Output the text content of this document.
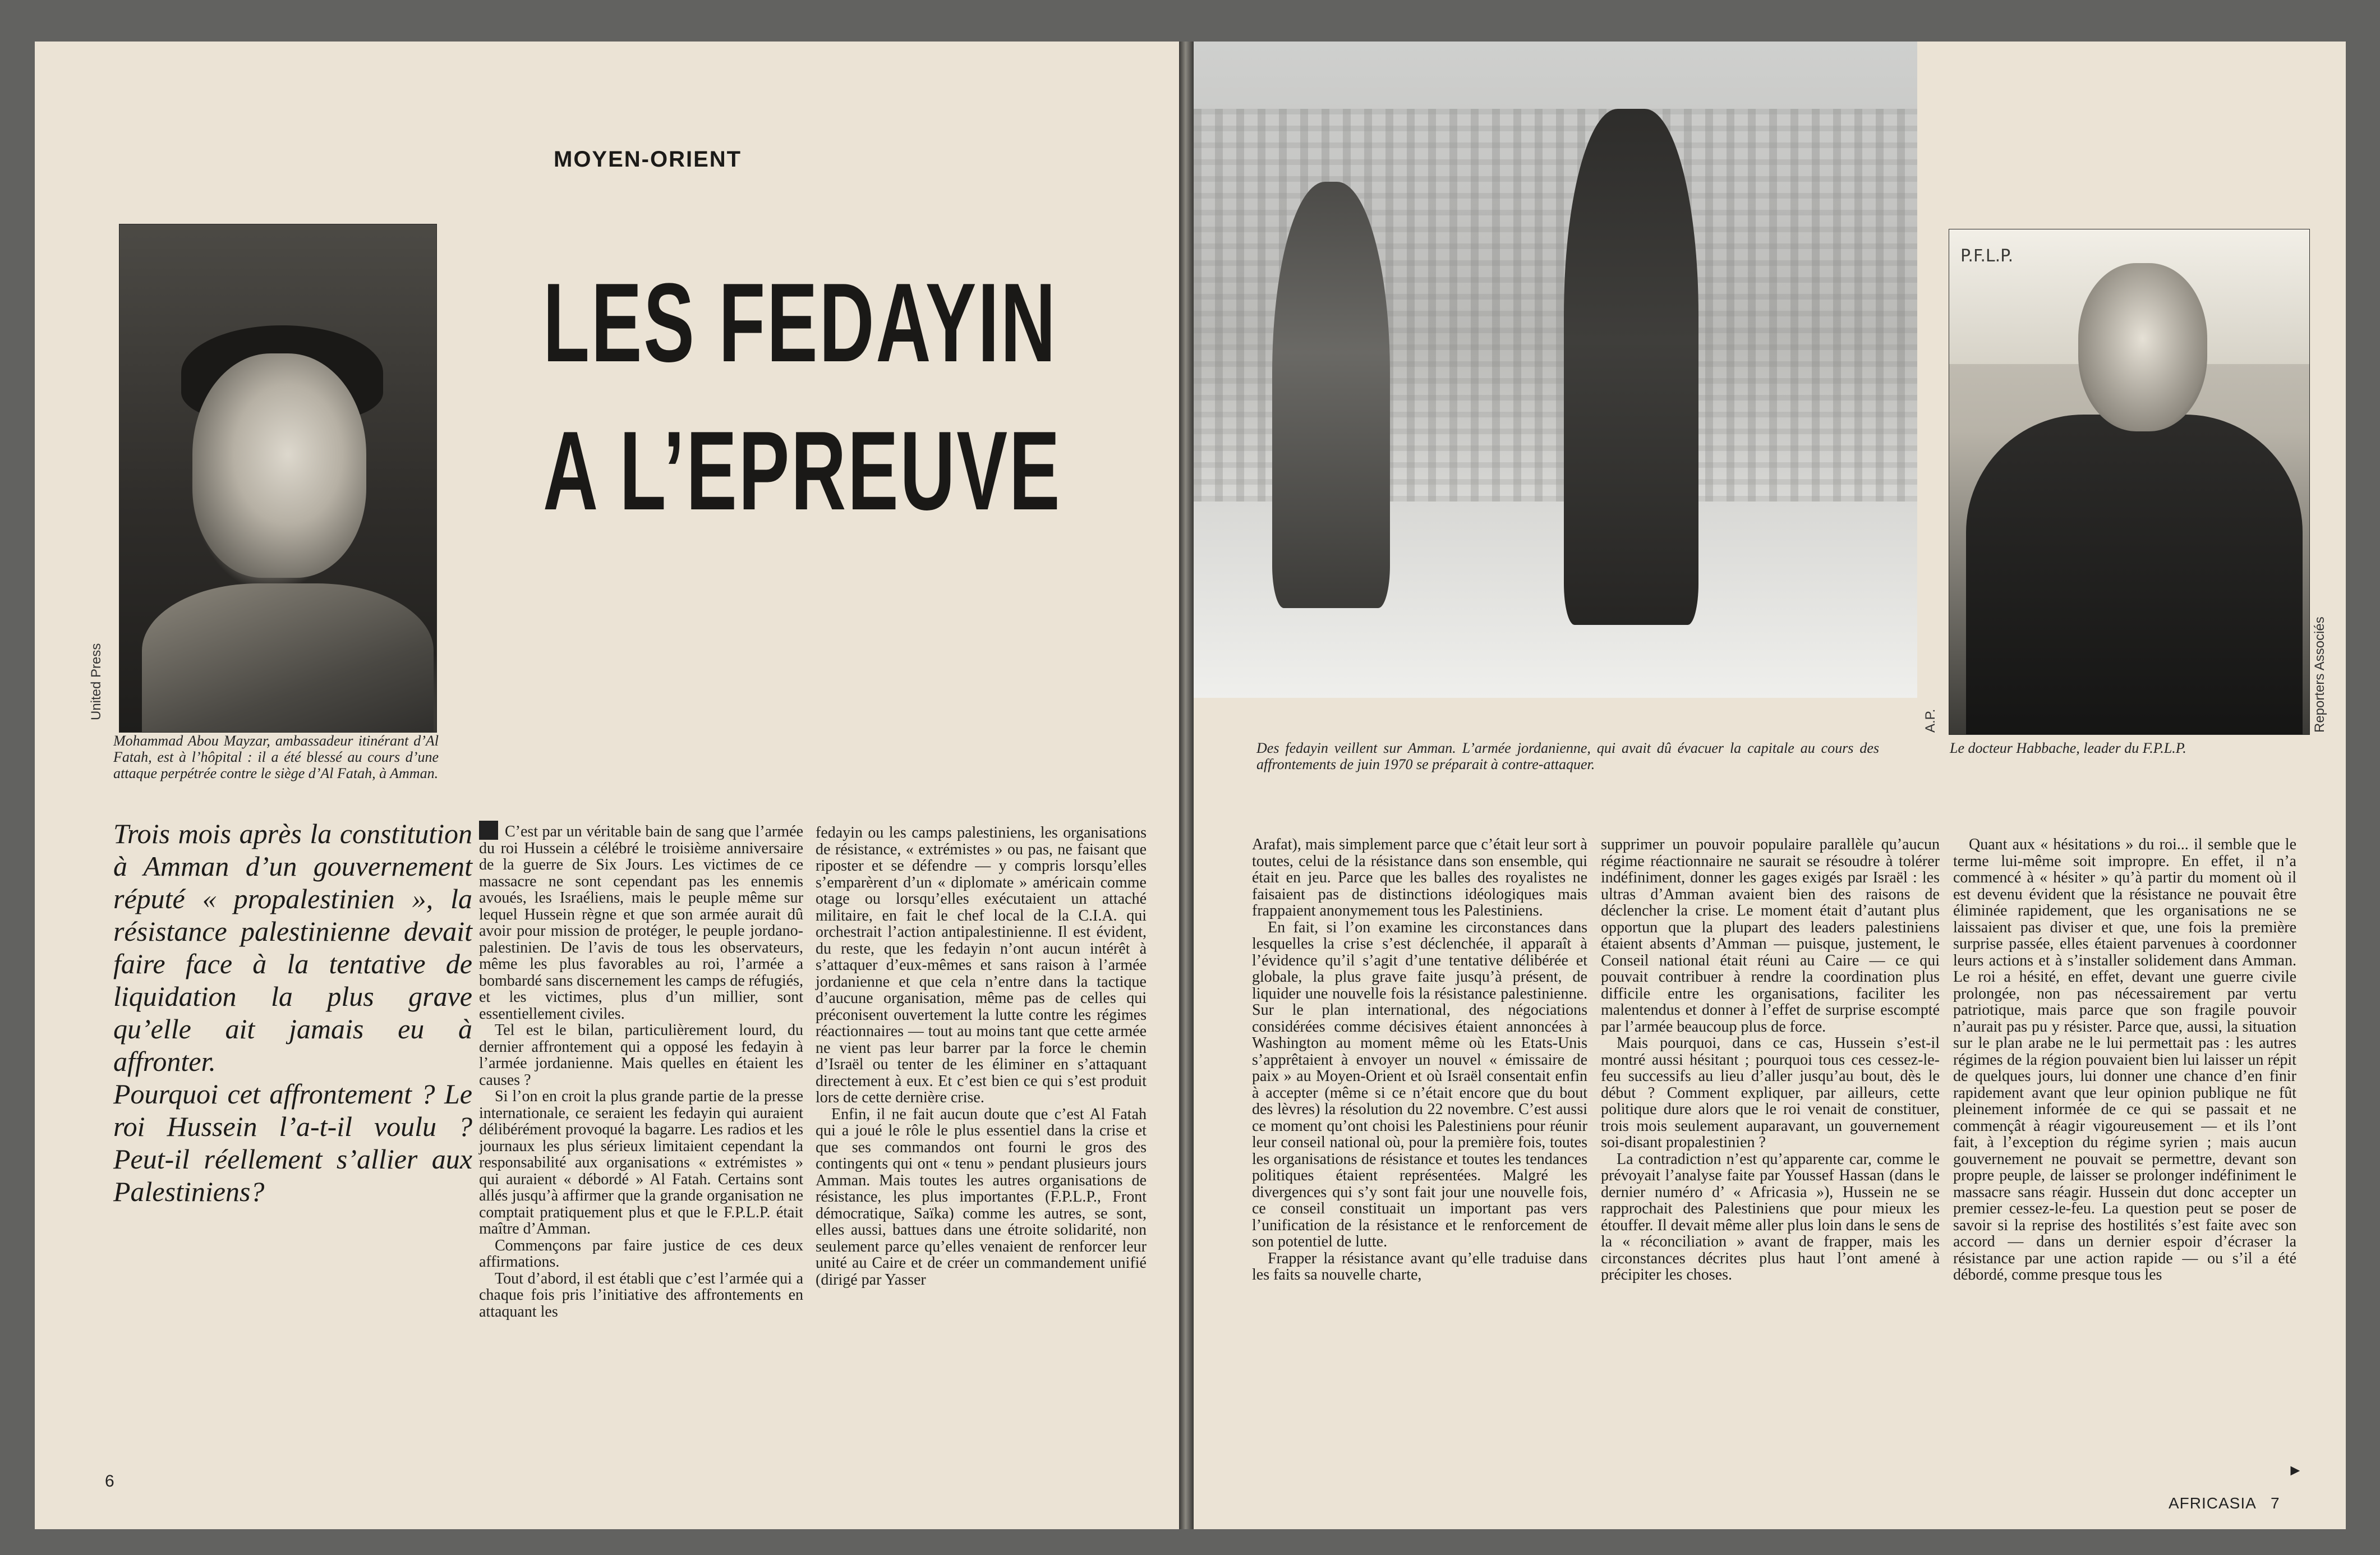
United Press
Mohammad Abou Mayzar, ambassadeur itinérant d’Al Fatah, est à l’hôpital : il a été blessé au cours d’une attaque perpétrée contre le siège d’Al Fatah, à Amman.
MOYEN-ORIENT
LES FEDAYIN
A L’EPREUVE

Trois mois après la constitution à Amman d’un gouvernement réputé « propalestinien », la résistance palestinienne devait faire face à la tentative de liquidation la plus grave qu’elle ait jamais eu à affronter.

Pourquoi cet affrontement ? Le roi Hussein l’a-t-il voulu ? Peut-il réellement s’allier aux Palestiniens?

C’est par un véritable bain de sang que l’armée du roi Hussein a célébré le troisième anniversaire de la guerre de Six Jours. Les victimes de ce massacre ne sont cependant pas les ennemis avoués, les Israéliens, mais le peuple même sur lequel Hussein règne et que son armée aurait dû avoir pour mission de protéger, le peuple jordano-palestinien. De l’avis de tous les observateurs, même les plus favorables au roi, l’armée a bombardé sans discernement les camps de réfugiés, et les victimes, plus d’un millier, sont essentiellement civiles.

Tel est le bilan, particulièrement lourd, du dernier affrontement qui a opposé les fedayin à l’armée jordanienne. Mais quelles en étaient les causes ?

Si l’on en croit la plus grande partie de la presse internationale, ce seraient les fedayin qui auraient délibérément provoqué la bagarre. Les radios et les journaux les plus sérieux limitaient cependant la responsabilité aux organisations « extrémistes » qui auraient « débordé » Al Fatah. Certains sont allés jusqu’à affirmer que la grande organisation ne comptait pratiquement plus et que le F.P.L.P. était maître d’Amman.

Commençons par faire justice de ces deux affirmations.

Tout d’abord, il est établi que c’est l’armée qui a chaque fois pris l’initiative des affrontements en attaquant les

fedayin ou les camps palestiniens, les organisations de résistance, « extrémistes » ou pas, ne faisant que riposter et se défendre — y compris lorsqu’elles s’emparèrent d’un « diplomate » américain comme otage ou lorsqu’elles exécutaient un attaché militaire, en fait le chef local de la C.I.A. qui orchestrait l’action antipalestinienne. Il est évident, du reste, que les fedayin n’ont aucun intérêt à s’attaquer d’eux-mêmes et sans raison à l’armée jordanienne et que cela n’entre dans la tactique d’aucune organisation, même pas de celles qui préconisent ouvertement la lutte contre les régimes réactionnaires — tout au moins tant que cette armée ne vient pas leur barrer par la force le chemin d’Israël ou tenter de les éliminer en s’attaquant directement à eux. Et c’est bien ce qui s’est produit lors de cette dernière crise.

Enfin, il ne fait aucun doute que c’est Al Fatah qui a joué le rôle le plus essentiel dans la crise et que ses commandos ont fourni le gros des contingents qui ont « tenu » pendant plusieurs jours Amman. Mais toutes les autres organisations de résistance, les plus importantes (F.P.L.P., Front démocratique, Saïka) comme les autres, se sont, elles aussi, battues dans une étroite solidarité, non seulement parce qu’elles venaient de renforcer leur unité au Caire et de créer un commandement unifié (dirigé par Yasser

6
A.P.
Des fedayin veillent sur Amman. L’armée jordanienne, qui avait dû évacuer la capitale au cours des affrontements de juin 1970 se préparait à contre-attaquer.
P.F.L.P.
Reporters Associés
Le docteur Habbache, leader du F.P.L.P.

Arafat), mais simplement parce que c’était leur sort à toutes, celui de la résistance dans son ensemble, qui était en jeu. Parce que les balles des royalistes ne faisaient pas de distinctions idéologiques mais frappaient anonymement tous les Palestiniens.

En fait, si l’on examine les circonstances dans lesquelles la crise s’est déclenchée, il apparaît à l’évidence qu’il s’agit d’une tentative délibérée et globale, la plus grave faite jusqu’à présent, de liquider une nouvelle fois la résistance palestinienne. Sur le plan international, des négociations considérées comme décisives étaient annoncées à Washington au moment même où les Etats-Unis s’apprêtaient à envoyer un nouvel « émissaire de paix » au Moyen-Orient et où Israël consentait enfin à accepter (même si ce n’était encore que du bout des lèvres) la résolution du 22 novembre. C’est aussi ce moment qu’ont choisi les Palestiniens pour réunir leur conseil national où, pour la première fois, toutes les organisations de résistance et toutes les tendances politiques étaient représentées. Malgré les divergences qui s’y sont fait jour une nouvelle fois, ce conseil constituait un important pas vers l’unification de la résistance et le renforcement de son potentiel de lutte.

Frapper la résistance avant qu’elle traduise dans les faits sa nouvelle charte,

supprimer un pouvoir populaire parallèle qu’aucun régime réactionnaire ne saurait se résoudre à tolérer indéfiniment, donner les gages exigés par Israël : les ultras d’Amman avaient bien des raisons de déclencher la crise. Le moment était d’autant plus opportun que la plupart des leaders palestiniens étaient absents d’Amman — puisque, justement, le Conseil national était réuni au Caire — ce qui pouvait contribuer à rendre la coordination plus difficile entre les organisations, faciliter les malentendus et donner à l’effet de surprise escompté par l’armée beaucoup plus de force.

Mais pourquoi, dans ce cas, Hussein s’est-il montré aussi hésitant ; pourquoi tous ces cessez-le-feu successifs au lieu d’aller jusqu’au bout, dès le début ? Comment expliquer, par ailleurs, cette politique dure alors que le roi venait de constituer, trois mois seulement auparavant, un gouvernement soi-disant propalestinien ?

La contradiction n’est qu’apparente car, comme le prévoyait l’analyse faite par Youssef Hassan (dans le dernier numéro d’ « Africasia »), Hussein ne se rapprochait des Palestiniens que pour mieux les étouffer. Il devait même aller plus loin dans le sens de la « réconciliation » avant de frapper, mais les circonstances décrites plus haut l’ont amené à précipiter les choses.

Quant aux « hésitations » du roi... il semble que le terme lui-même soit impropre. En effet, il n’a commencé à « hésiter » qu’à partir du moment où il est devenu évident que la résistance ne pouvait être éliminée rapidement, que les organisations ne se laissaient pas diviser et que, une fois la première surprise passée, elles étaient parvenues à coordonner leurs actions et à s’installer solidement dans Amman. Le roi a hésité, en effet, devant une guerre civile prolongée, non pas nécessairement par vertu patriotique, mais parce que son fragile pouvoir n’aurait pas pu y résister. Parce que, aussi, la situation sur le plan arabe ne le lui permettait pas : les autres régimes de la région pouvaient bien lui laisser un répit de quelques jours, lui donner une chance d’en finir rapidement avant que leur opinion publique ne fût pleinement informée de ce qui se passait et ne commençât à réagir vigoureusement — et ils l’ont fait, à l’exception du régime syrien ; mais aucun gouvernement ne pouvait se permettre, devant son propre peuple, de laisser se prolonger indéfiniment le massacre sans réagir. Hussein dut donc accepter un premier cessez-le-feu. La question peut se poser de savoir si la reprise des hostilités s’est faite avec son accord — dans un dernier espoir d’écraser la résistance par une action rapide — ou s’il a été débordé, comme presque tous les

►
AFRICASIA 7
